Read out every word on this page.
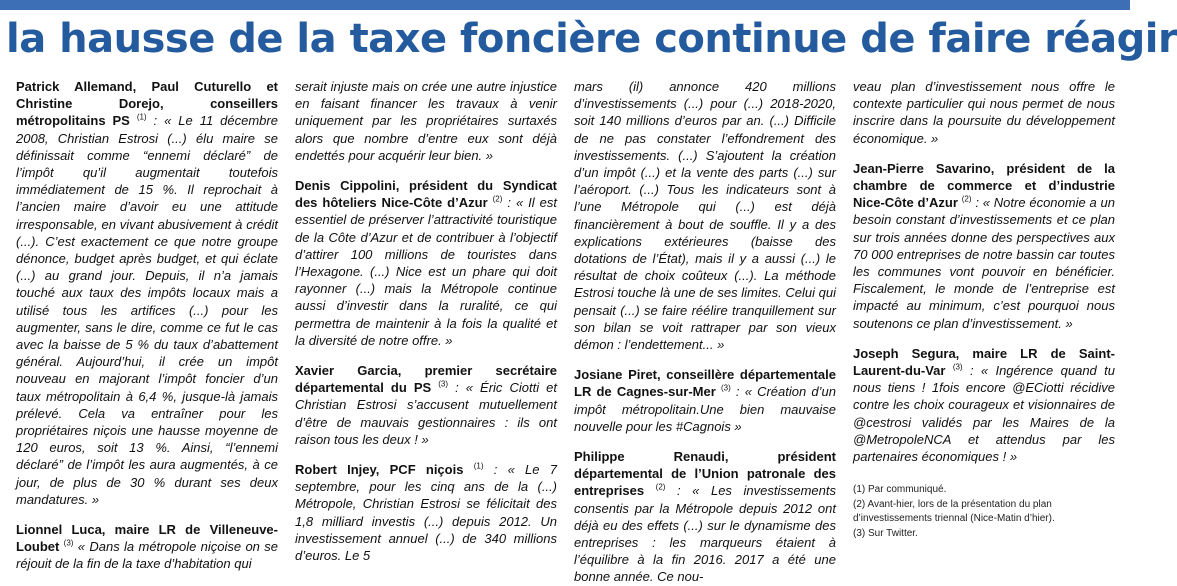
la hausse de la taxe foncière continue de faire réagir

Patrick Allemand, Paul Cuturello et Christine Dorejo, conseillers métropolitains PS $^{(1)}$ : « Le 11 décembre 2008, Christian Estrosi (...) élu maire se définissait comme “ennemi déclaré” de l’impôt qu’il augmentait toutefois immédiatement de 15 %. Il reprochait à l’ancien maire d’avoir eu une attitude irresponsable, en vivant abusivement à crédit (...). C’est exactement ce que notre groupe dénonce, budget après budget, et qui éclate (...) au grand jour. Depuis, il n’a jamais touché aux taux des impôts locaux mais a utilisé tous les artifices (...) pour les augmenter, sans le dire, comme ce fut le cas avec la baisse de 5 % du taux d’abattement général. Aujourd’hui, il crée un impôt nouveau en majorant l’impôt foncier d’un taux métropolitain à 6,4 %, jusque-là jamais prélevé. Cela va entraîner pour les propriétaires niçois une hausse moyenne de 120 euros, soit 13 %. Ainsi, “l’ennemi déclaré” de l’impôt les aura augmentés, à ce jour, de plus de 30 % durant ses deux mandatures. »

Lionnel Luca, maire LR de Villeneuve-Loubet $^{(3)}$ « Dans la métropole niçoise on se réjouit de la fin de la taxe d’habitation qui

serait injuste mais on crée une autre injustice en faisant financer les travaux à venir uniquement par les propriétaires surtaxés alors que nombre d’entre eux sont déjà endettés pour acquérir leur bien. »

Denis Cippolini, président du Syndicat des hôteliers Nice-Côte d’Azur $^{(2)}$ : « Il est essentiel de préserver l’attractivité touristique de la Côte d’Azur et de contribuer à l’objectif d’attirer 100 millions de touristes dans l’Hexagone. (...) Nice est un phare qui doit rayonner (...) mais la Métropole continue aussi d’investir dans la ruralité, ce qui permettra de maintenir à la fois la qualité et la diversité de notre offre. »

Xavier Garcia, premier secrétaire départemental du PS $^{(3)}$ : « Éric Ciotti et Christian Estrosi s’accusent mutuellement d’être de mauvais gestionnaires : ils ont raison tous les deux ! »

Robert Injey, PCF niçois $^{(1)}$ : « Le 7 septembre, pour les cinq ans de la (...) Métropole, Christian Estrosi se félicitait des 1,8 milliard investis (...) depuis 2012. Un investissement annuel (...) de 340 millions d’euros. Le 5

mars (il) annonce 420 millions d’investissements (...) pour (...) 2018-2020, soit 140 millions d’euros par an. (...) Difficile de ne pas constater l’effondrement des investissements. (...) S’ajoutent la création d’un impôt (...) et la vente des parts (...) sur l’aéroport. (...) Tous les indicateurs sont à l’une Métropole qui (...) est déjà financièrement à bout de souffle. Il y a des explications extérieures (baisse des dotations de l’État), mais il y a aussi (...) le résultat de choix coûteux (...). La méthode Estrosi touche là une de ses limites. Celui qui pensait (...) se faire réélire tranquillement sur son bilan se voit rattraper par son vieux démon : l’endettement... »

Josiane Piret, conseillère départementale LR de Cagnes-sur-Mer $^{(3)}$ : « Création d’un impôt métropolitain.Une bien mauvaise nouvelle pour les #Cagnois »

Philippe Renaudi, président départemental de l’Union patronale des entreprises $^{(2)}$ : « Les investissements consentis par la Métropole depuis 2012 ont déjà eu des effets (...) sur le dynamisme des entreprises : les marqueurs étaient à l’équilibre à la fin 2016. 2017 a été une bonne année. Ce nou-

veau plan d’investissement nous offre le contexte particulier qui nous permet de nous inscrire dans la poursuite du développement économique. »

Jean-Pierre Savarino, président de la chambre de commerce et d’industrie Nice-Côte d’Azur $^{(2)}$ : « Notre économie a un besoin constant d’investissements et ce plan sur trois années donne des perspectives aux 70 000 entreprises de notre bassin car toutes les communes vont pouvoir en bénéficier. Fiscalement, le monde de l’entreprise est impacté au minimum, c’est pourquoi nous soutenons ce plan d’investissement. »

Joseph Segura, maire LR de Saint-Laurent-du-Var $^{(3)}$ : « Ingérence quand tu nous tiens ! 1fois encore @ECiotti récidive contre les choix courageux et visionnaires de @cestrosi validés par les Maires de la @MetropoleNCA et attendus par les partenaires économiques ! »

(1) Par communiqué.
(2) Avant-hier, lors de la présentation du plan d’investissements triennal (Nice-Matin d’hier).
(3) Sur Twitter.
